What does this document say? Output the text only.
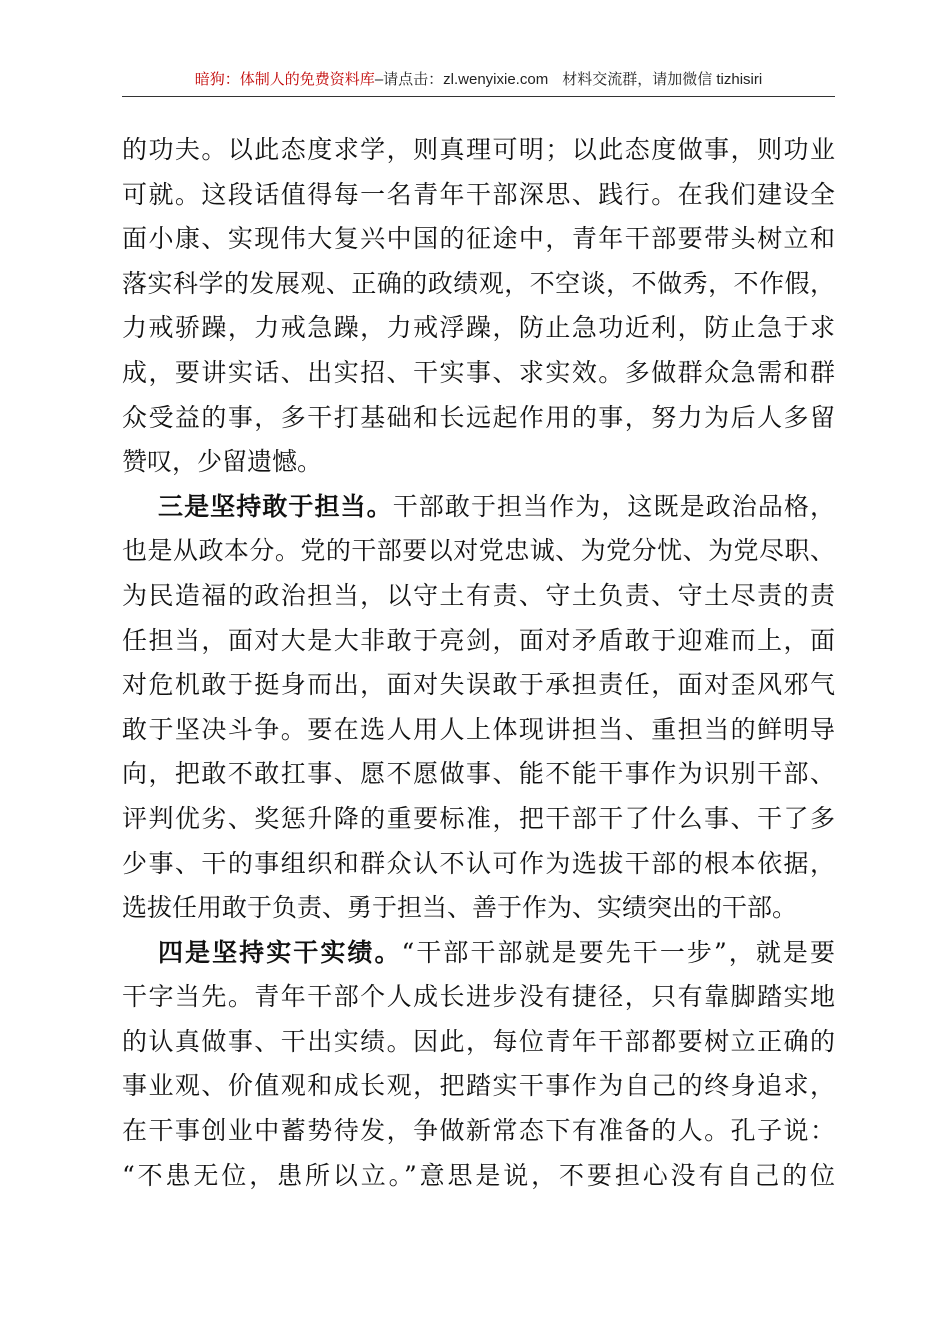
暗狗：体制人的免费资料库–请点击：zl.wenyixie.com 材料交流群，请加微信 tizhisiri
的功夫。以此态度求学，则真理可明；以此态度做事，则功业
可就。这段话值得每一名青年干部深思、践行。在我们建设全
面小康、实现伟大复兴中国的征途中，青年干部要带头树立和
落实科学的发展观、正确的政绩观，不空谈，不做秀，不作假，
力戒骄躁，力戒急躁，力戒浮躁，防止急功近利，防止急于求
成，要讲实话、出实招、干实事、求实效。多做群众急需和群
众受益的事，多干打基础和长远起作用的事，努力为后人多留
赞叹，少留遗憾。
三是坚持敢于担当。干部敢于担当作为，这既是政治品格，
也是从政本分。党的干部要以对党忠诚、为党分忧、为党尽职、
为民造福的政治担当，以守土有责、守土负责、守土尽责的责
任担当，面对大是大非敢于亮剑，面对矛盾敢于迎难而上，面
对危机敢于挺身而出，面对失误敢于承担责任，面对歪风邪气
敢于坚决斗争。要在选人用人上体现讲担当、重担当的鲜明导
向，把敢不敢扛事、愿不愿做事、能不能干事作为识别干部、
评判优劣、奖惩升降的重要标准，把干部干了什么事、干了多
少事、干的事组织和群众认不认可作为选拔干部的根本依据，
选拔任用敢于负责、勇于担当、善于作为、实绩突出的干部。
四是坚持实干实绩。“干部干部就是要先干一步”，就是要
干字当先。青年干部个人成长进步没有捷径，只有靠脚踏实地
的认真做事、干出实绩。因此，每位青年干部都要树立正确的
事业观、价值观和成长观，把踏实干事作为自己的终身追求，
在干事创业中蓄势待发，争做新常态下有准备的人。孔子说：
“不患无位，患所以立。”意思是说，不要担心没有自己的位
